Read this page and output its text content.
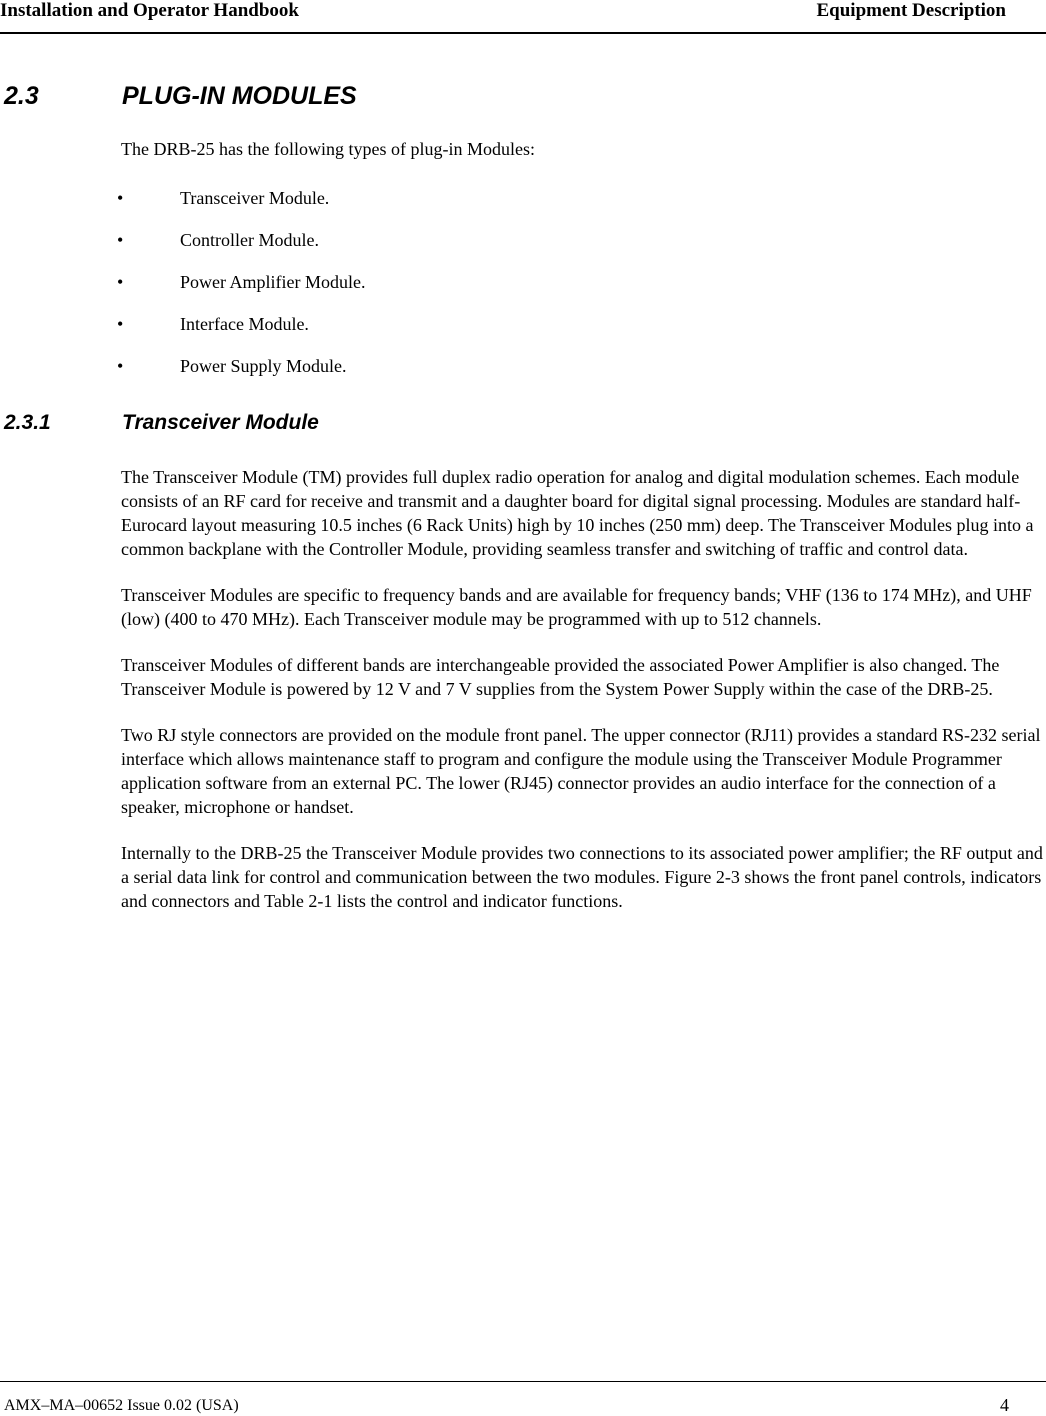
Installation and Operator Handbook	Equipment Description
2.3	PLUG-IN MODULES
The DRB-25 has the following types of plug-in Modules:
•	Transceiver Module.
•	Controller Module.
•	Power Amplifier Module.
•	Interface Module.
•	Power Supply Module.
2.3.1	Transceiver Module

The Transceiver Module (TM) provides full duplex radio operation for analog and digital modulation schemes. Each module consists of an RF card for receive and transmit and a daughter board for digital signal processing. Modules are standard half-Eurocard layout measuring 10.5 inches (6 Rack Units) high by 10 inches (250 mm) deep. The Transceiver Modules plug into a common backplane with the Controller Module, providing seamless transfer and switching of traffic and control data.

Transceiver Modules are specific to frequency bands and are available for frequency bands; VHF (136 to 174 MHz), and UHF (low) (400 to 470 MHz). Each Transceiver module may be programmed with up to 512 channels.

Transceiver Modules of different bands are interchangeable provided the associated Power Amplifier is also changed. The Transceiver Module is powered by 12 V and 7 V supplies from the System Power Supply within the case of the DRB-25.

Two RJ style connectors are provided on the module front panel. The upper connector (RJ11) provides a standard RS-232 serial interface which allows maintenance staff to program and configure the module using the Transceiver Module Programmer application software from an external PC. The lower (RJ45) connector provides an audio interface for the connection of a speaker, microphone or handset.

Internally to the DRB-25 the Transceiver Module provides two connections to its associated power amplifier; the RF output and a serial data link for control and communication between the two modules. Figure 2-3 shows the front panel controls, indicators and connectors and Table 2-1 lists the control and indicator functions.

AMX–MA–00652 Issue 0.02 (USA)	4
